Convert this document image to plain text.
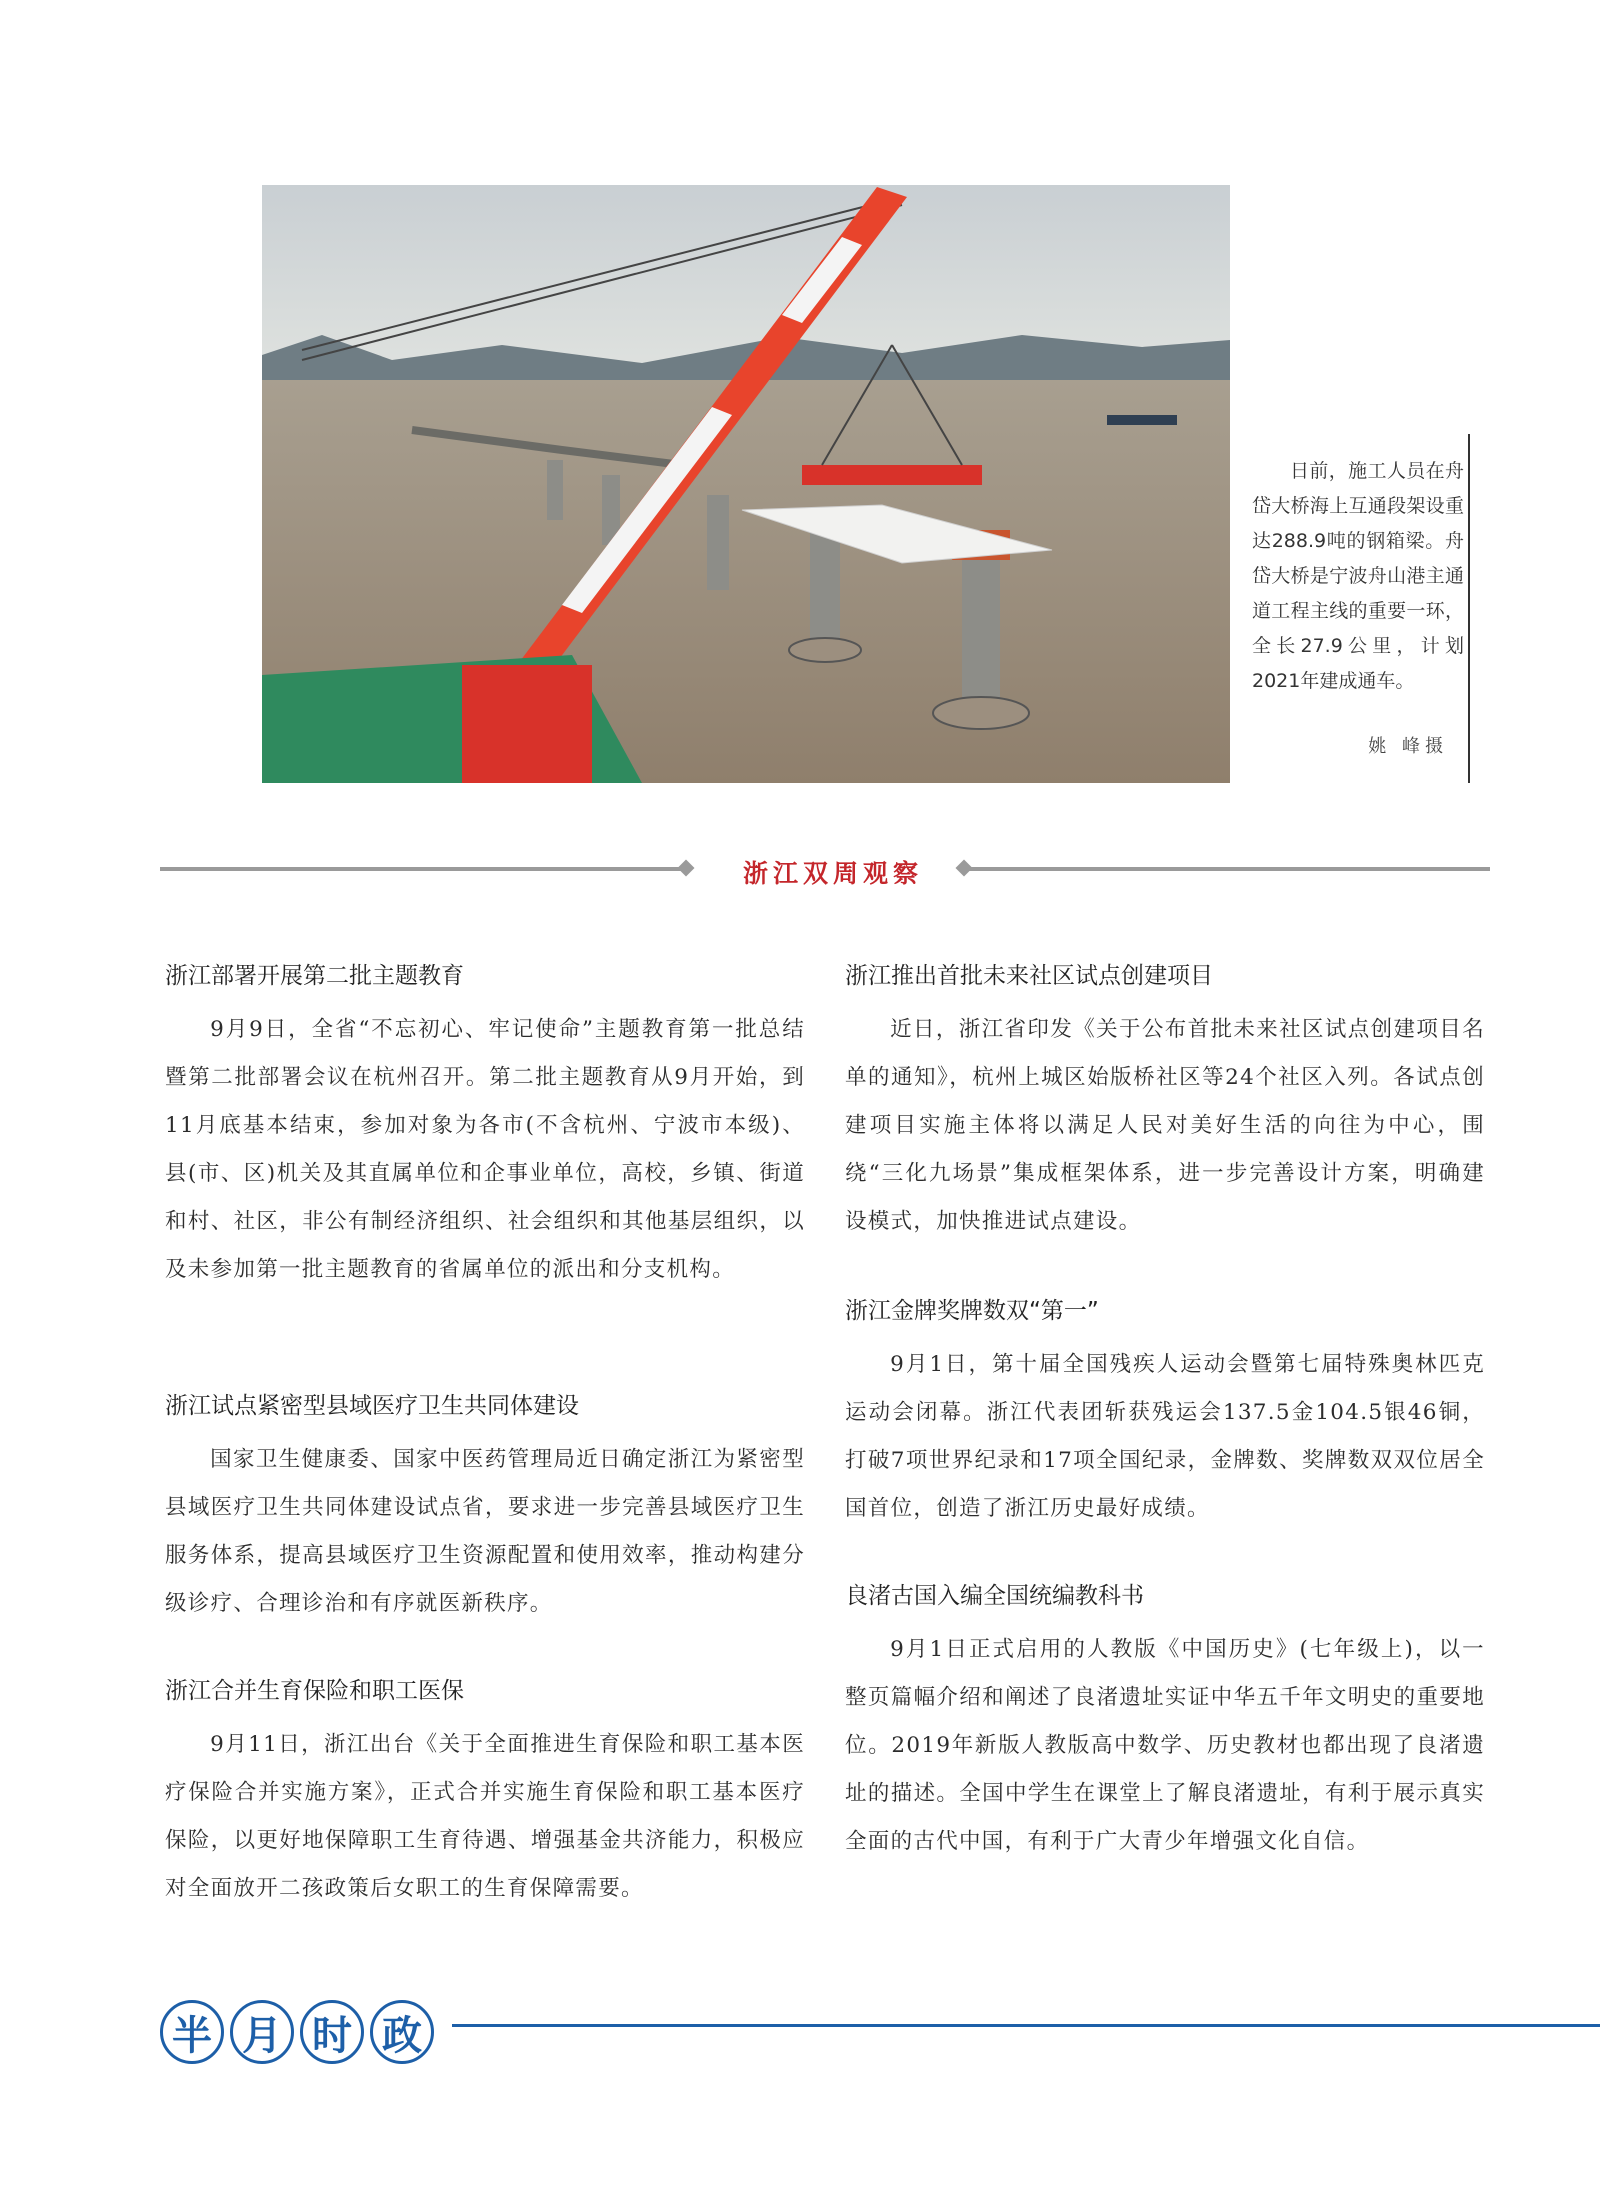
日前，施工人员在舟岱大桥海上互通段架设重达288.9吨的钢箱梁。舟岱大桥是宁波舟山港主通道工程主线的重要一环，全长27.9公里，计划2021年建成通车。

姚 峰摄
浙江双周观察
浙江部署开展第二批主题教育

9月9日，全省“不忘初心、牢记使命”主题教育第一批总结暨第二批部署会议在杭州召开。第二批主题教育从9月开始，到11月底基本结束，参加对象为各市(不含杭州、宁波市本级)、县(市、区)机关及其直属单位和企事业单位，高校，乡镇、街道和村、社区，非公有制经济组织、社会组织和其他基层组织，以及未参加第一批主题教育的省属单位的派出和分支机构。

浙江试点紧密型县域医疗卫生共同体建设

国家卫生健康委、国家中医药管理局近日确定浙江为紧密型县域医疗卫生共同体建设试点省，要求进一步完善县域医疗卫生服务体系，提高县域医疗卫生资源配置和使用效率，推动构建分级诊疗、合理诊治和有序就医新秩序。

浙江合并生育保险和职工医保

9月11日，浙江出台《关于全面推进生育保险和职工基本医疗保险合并实施方案》，正式合并实施生育保险和职工基本医疗保险，以更好地保障职工生育待遇、增强基金共济能力，积极应对全面放开二孩政策后女职工的生育保障需要。

浙江推出首批未来社区试点创建项目

近日，浙江省印发《关于公布首批未来社区试点创建项目名单的通知》，杭州上城区始版桥社区等24个社区入列。各试点创建项目实施主体将以满足人民对美好生活的向往为中心，围绕“三化九场景”集成框架体系，进一步完善设计方案，明确建设模式，加快推进试点建设。

浙江金牌奖牌数双“第一”

9月1日，第十届全国残疾人运动会暨第七届特殊奥林匹克运动会闭幕。浙江代表团斩获残运会137.5金104.5银46铜，打破7项世界纪录和17项全国纪录，金牌数、奖牌数双双位居全国首位，创造了浙江历史最好成绩。

良渚古国入编全国统编教科书

9月1日正式启用的人教版《中国历史》(七年级上)，以一整页篇幅介绍和阐述了良渚遗址实证中华五千年文明史的重要地位。2019年新版人教版高中数学、历史教材也都出现了良渚遗址的描述。全国中学生在课堂上了解良渚遗址，有利于展示真实全面的古代中国，有利于广大青少年增强文化自信。

半 月 时 政
